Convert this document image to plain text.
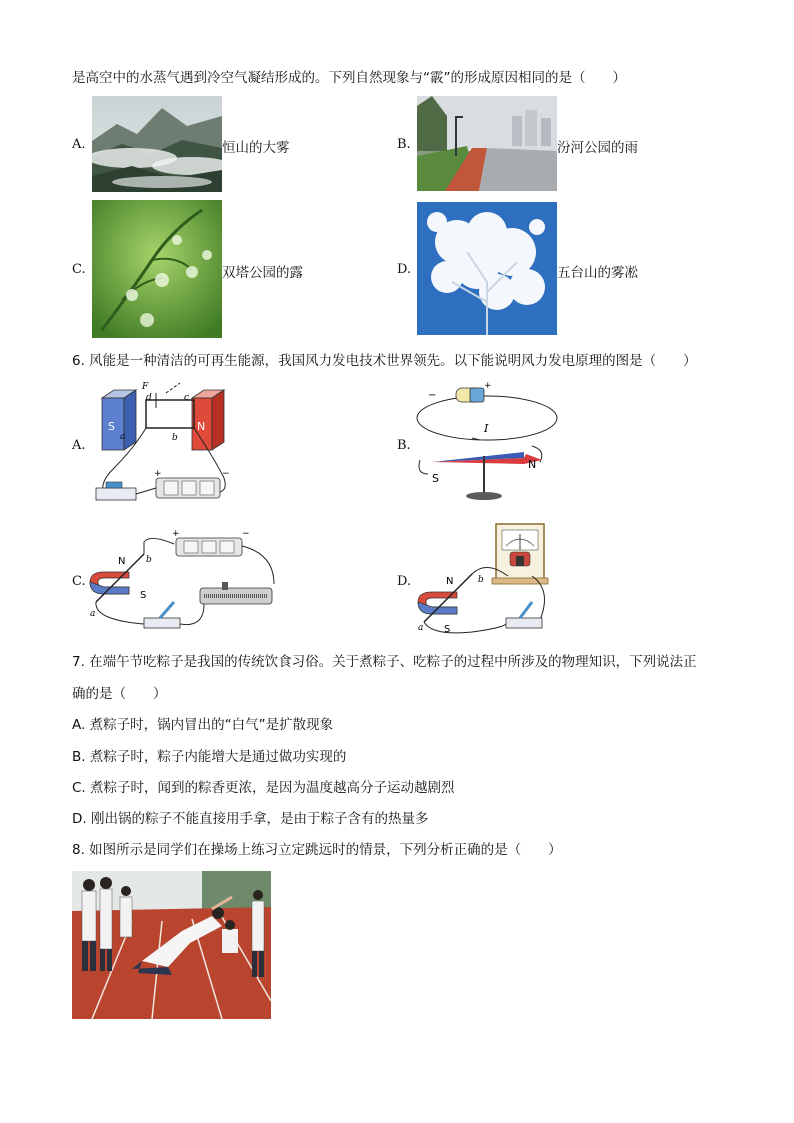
是高空中的水蒸气遇到冷空气凝结形成的。下列自然现象与“霰”的形成原因相同的是（　　）
A.	恒山的大雾	B.	汾河公园的雨
C.	双塔公园的露	D.	五台山的雾凇
6. 风能是一种清洁的可再生能源，我国风力发电技术世界领先。以下能说明风力发电原理的图是（　　）
A.
S	N
F
a	b
c
d
+	−
B.
−
+
I
S
N
C.
N
S
a
b
+	−
D.	N
S
a
b
7. 在端午节吃粽子是我国的传统饮食习俗。关于煮粽子、吃粽子的过程中所涉及的物理知识，下列说法正
确的是（　　）
A. 煮粽子时，锅内冒出的“白气”是扩散现象
B. 煮粽子时，粽子内能增大是通过做功实现的
C. 煮粽子时，闻到的粽香更浓，是因为温度越高分子运动越剧烈
D. 刚出锅的粽子不能直接用手拿，是由于粽子含有的热量多
8. 如图所示是同学们在操场上练习立定跳远时的情景，下列分析正确的是（　　）
